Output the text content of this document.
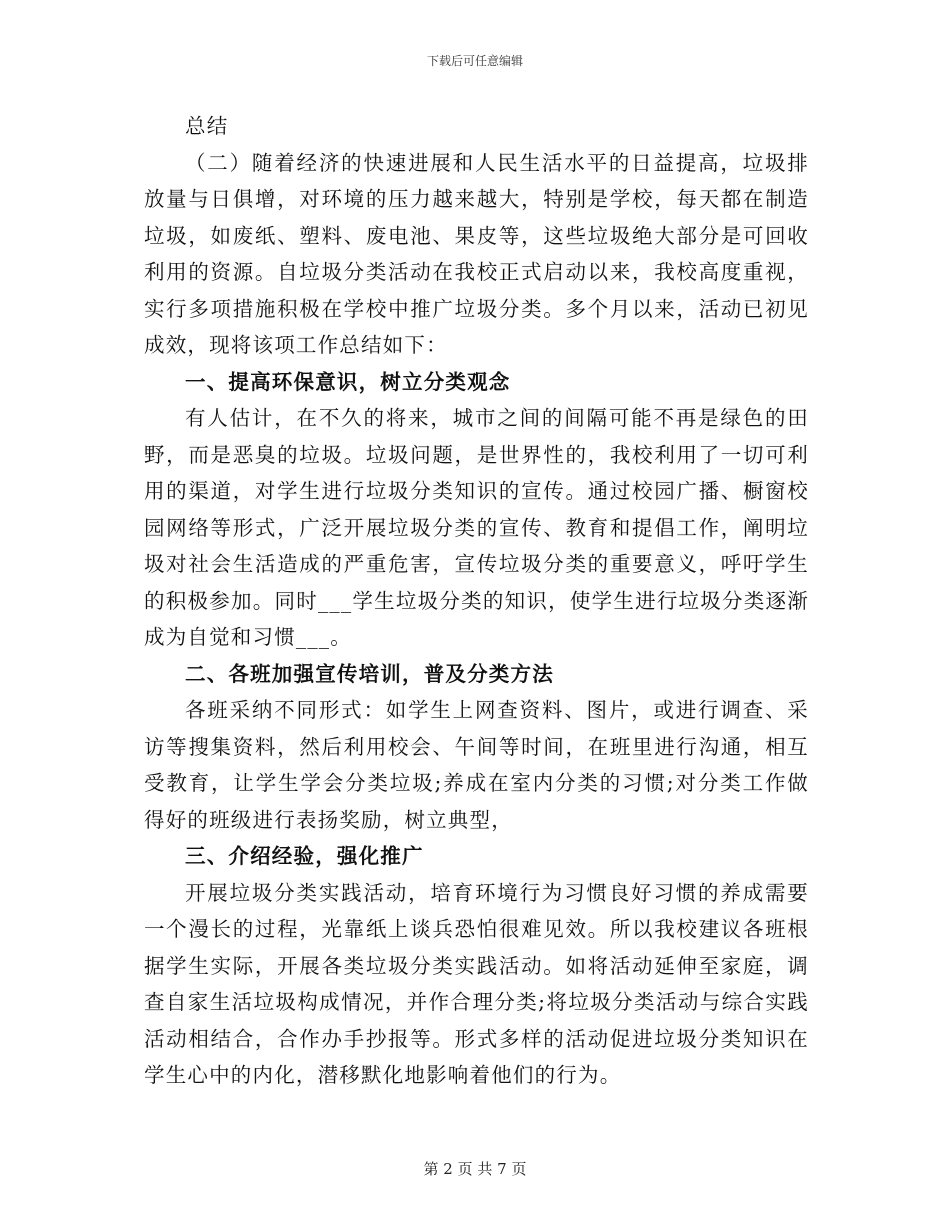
下载后可任意编辑

总结

（二）随着经济的快速进展和人民生活水平的日益提高，垃圾排放量与日俱增，对环境的压力越来越大，特别是学校，每天都在制造垃圾，如废纸、塑料、废电池、果皮等，这些垃圾绝大部分是可回收利用的资源。自垃圾分类活动在我校正式启动以来，我校高度重视，实行多项措施积极在学校中推广垃圾分类。多个月以来，活动已初见成效，现将该项工作总结如下：

一、提高环保意识，树立分类观念

有人估计，在不久的将来，城市之间的间隔可能不再是绿色的田野，而是恶臭的垃圾。垃圾问题，是世界性的，我校利用了一切可利用的渠道，对学生进行垃圾分类知识的宣传。通过校园广播、橱窗校园网络等形式，广泛开展垃圾分类的宣传、教育和提倡工作，阐明垃圾对社会生活造成的严重危害，宣传垃圾分类的重要意义，呼吁学生的积极参加。同时___学生垃圾分类的知识，使学生进行垃圾分类逐渐成为自觉和习惯___。

二、各班加强宣传培训，普及分类方法

各班采纳不同形式：如学生上网查资料、图片，或进行调查、采访等搜集资料，然后利用校会、午间等时间，在班里进行沟通，相互受教育，让学生学会分类垃圾;养成在室内分类的习惯;对分类工作做得好的班级进行表扬奖励，树立典型，

三、介绍经验，强化推广

开展垃圾分类实践活动，培育环境行为习惯良好习惯的养成需要一个漫长的过程，光靠纸上谈兵恐怕很难见效。所以我校建议各班根据学生实际，开展各类垃圾分类实践活动。如将活动延伸至家庭，调查自家生活垃圾构成情况，并作合理分类;将垃圾分类活动与综合实践活动相结合，合作办手抄报等。形式多样的活动促进垃圾分类知识在学生心中的内化，潜移默化地影响着他们的行为。

第 2 页 共 7 页
